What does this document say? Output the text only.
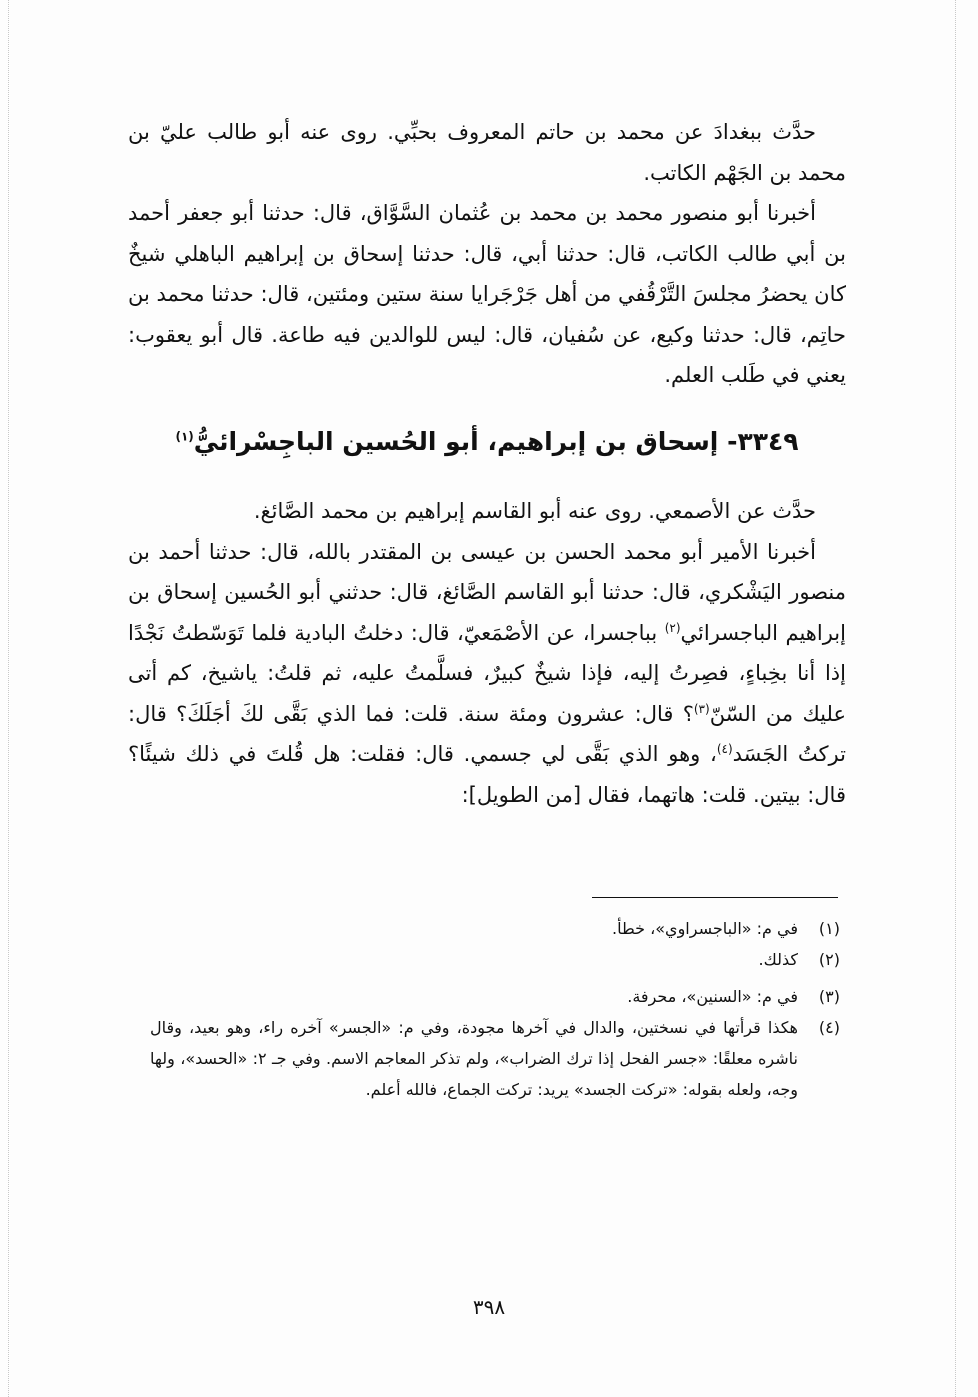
حدَّث ببغدادَ عن محمد بن حاتم المعروف بحبِّي. روى عنه أبو طالب عليّ بن محمد بن الجَهْم الكاتب.

أخبرنا أبو منصور محمد بن محمد بن عُثمان السَّوَّاق، قال: حدثنا أبو جعفر أحمد بن أبي طالب الكاتب، قال: حدثنا أبي، قال: حدثنا إسحاق بن إبراهيم الباهلي شيخٌ كان يحضرُ مجلسَ التَّرْقُفي من أهل جَرْجَرايا سنة ستين ومئتين، قال: حدثنا محمد بن حاتِم، قال: حدثنا وكيع، عن سُفيان، قال: ليس للوالدين فيه طاعة. قال أبو يعقوب: يعني في طَلب العلم.

٣٣٤٩- إسحاق بن إبراهيم، أبو الحُسين الباجِسْرائيُّ$^{(١)}$

حدَّث عن الأصمعي. روى عنه أبو القاسم إبراهيم بن محمد الصَّائغ.

أخبرنا الأمير أبو محمد الحسن بن عيسى بن المقتدر بالله، قال: حدثنا أحمد بن منصور اليَشْكري، قال: حدثنا أبو القاسم الصَّائغ، قال: حدثني أبو الحُسين إسحاق بن إبراهيم الباجسرائي$^{(٢)}$ بباجسرا، عن الأصْمَعيّ، قال: دخلتُ البادية فلما تَوَسّطتُ نَجْدًا إذا أنا بخِباءٍ، فصِرتُ إليه، فإذا شيخٌ كبيرٌ، فسلَّمتُ عليه، ثم قلتُ: ياشيخ، كم أتى عليك من السّنّ$^{(٣)}$؟ قال: عشرون ومئة سنة. قلت: فما الذي بَقَّى لكَ أجَلَكَ؟ قال: تركتُ الجَسَد$^{(٤)}$، وهو الذي بَقَّى لي جسمي. قال: فقلت: هل قُلتَ في ذلك شيئًا؟ قال: بيتين. قلت: هاتهما، فقال [من الطويل]:

(١)
في م: «الباجسراوي»، خطأ.
(٢)
كذلك.
(٣)
في م: «السنين»، محرفة.
(٤)
هكذا قرأتها في نسختين، والدال في آخرها مجودة، وفي م: «الجسر» آخره راء، وهو بعيد، وقال ناشره معلقًا: «جسر الفحل إذا ترك الضراب»، ولم تذكر المعاجم الاسم. وفي جـ ٢: «الحسد»، ولها وجه، ولعله بقوله: «تركت الجسد» يريد: تركت الجماع، فالله أعلم.
٣٩٨
